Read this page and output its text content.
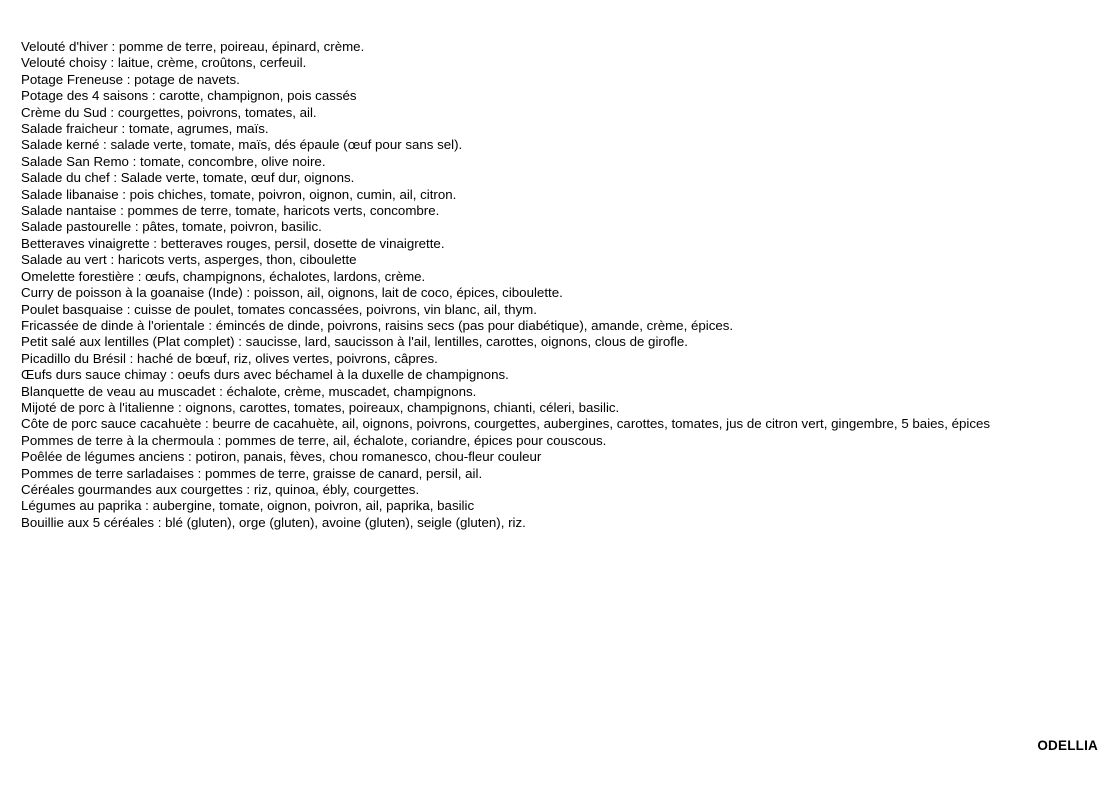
Velouté d'hiver : pomme de terre, poireau, épinard, crème.
Velouté choisy : laitue, crème, croûtons, cerfeuil.
Potage Freneuse : potage de navets.
Potage des 4 saisons : carotte, champignon, pois cassés
Crème du Sud : courgettes, poivrons, tomates, ail.
Salade fraicheur : tomate, agrumes, maïs.
Salade kerné : salade verte, tomate, maïs, dés épaule (œuf pour sans sel).
Salade San Remo : tomate, concombre, olive noire.
Salade du chef : Salade verte, tomate, œuf dur, oignons.
Salade libanaise : pois chiches, tomate, poivron, oignon, cumin, ail, citron.
Salade nantaise : pommes de terre, tomate, haricots verts, concombre.
Salade pastourelle : pâtes, tomate, poivron, basilic.
Betteraves vinaigrette : betteraves rouges, persil, dosette de vinaigrette.
Salade au vert : haricots verts, asperges, thon, ciboulette
Omelette forestière : œufs, champignons, échalotes, lardons, crème.
Curry de poisson à la goanaise (Inde) : poisson, ail, oignons, lait de coco, épices, ciboulette.
Poulet basquaise : cuisse de poulet, tomates concassées, poivrons, vin blanc, ail, thym.
Fricassée de dinde à l'orientale : émincés de dinde, poivrons, raisins secs (pas pour diabétique), amande, crème, épices.
Petit salé aux lentilles (Plat complet) : saucisse, lard, saucisson à l'ail, lentilles, carottes, oignons, clous de girofle.
Picadillo du Brésil : haché de bœuf, riz, olives vertes, poivrons, câpres.
Œufs durs sauce chimay : oeufs durs avec béchamel à la duxelle de champignons.
Blanquette de veau au muscadet : échalote, crème, muscadet, champignons.
Mijoté de porc à l'italienne : oignons, carottes, tomates, poireaux, champignons, chianti, céleri, basilic.
Côte de porc sauce cacahuète : beurre de cacahuète, ail, oignons, poivrons, courgettes, aubergines, carottes, tomates, jus de citron vert, gingembre, 5 baies, épices
Pommes de terre à la chermoula : pommes de terre, ail, échalote, coriandre, épices pour couscous.
Poêlée de légumes anciens : potiron, panais, fèves, chou romanesco, chou-fleur couleur
Pommes de terre sarladaises : pommes de terre, graisse de canard, persil, ail.
Céréales gourmandes aux courgettes : riz, quinoa, ébly, courgettes.
Légumes au paprika : aubergine, tomate, oignon, poivron, ail, paprika, basilic
Bouillie aux 5 céréales : blé (gluten), orge (gluten), avoine (gluten), seigle (gluten), riz.
ODELLIA
